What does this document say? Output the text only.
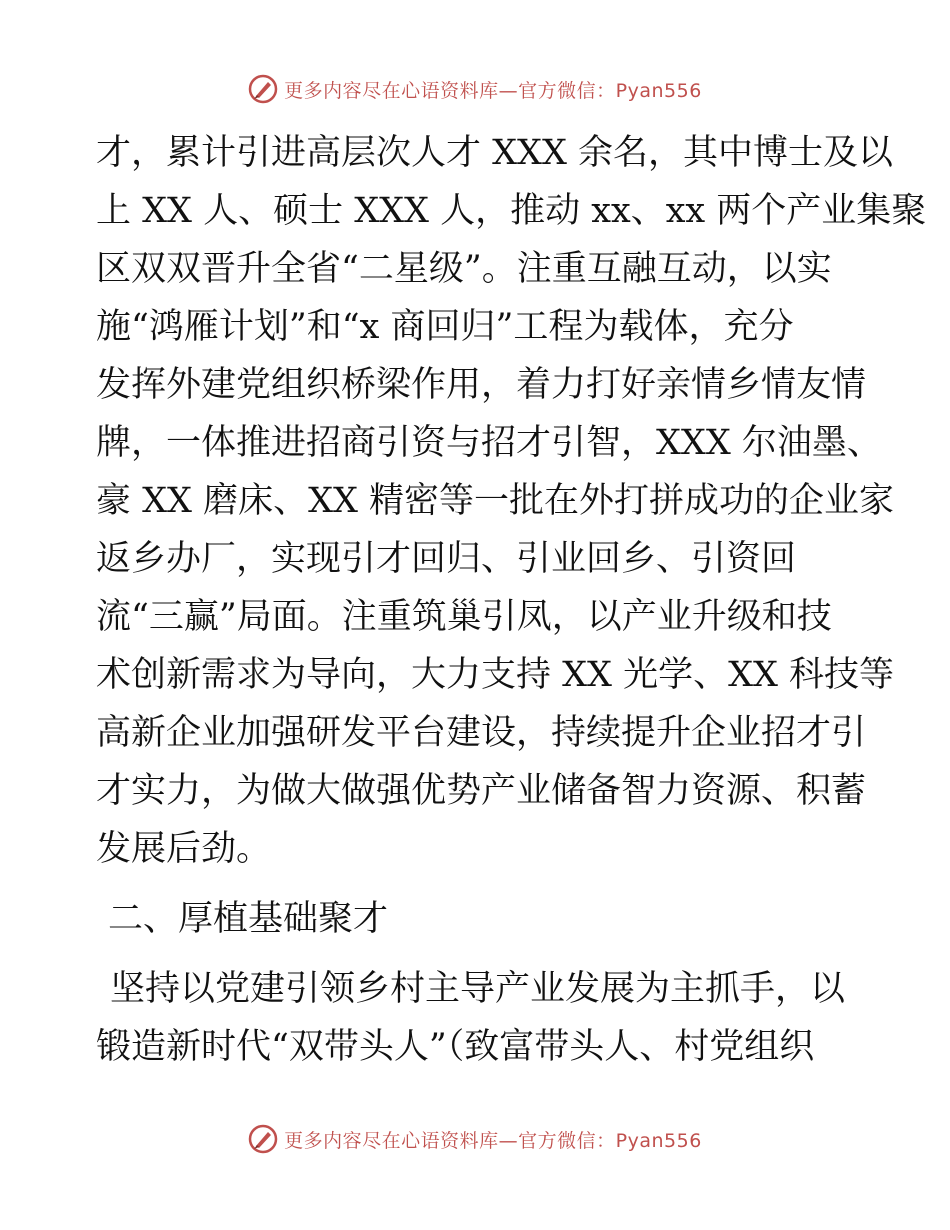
更多内容尽在心语资料库—官方微信：Pyan556
才，累计引进高层次人才 XXX 余名，其中博士及以
上 XX 人、硕士 XXX 人，推动 xx、xx 两个产业集聚
区双双晋升全省“二星级”。注重互融互动，以实
施“鸿雁计划”和“x 商回归”工程为载体，充分
发挥外建党组织桥梁作用，着力打好亲情乡情友情
牌，一体推进招商引资与招才引智，XXX 尔油墨、
豪 XX 磨床、XX 精密等一批在外打拼成功的企业家
返乡办厂，实现引才回归、引业回乡、引资回
流“三赢”局面。注重筑巢引凤，以产业升级和技
术创新需求为导向，大力支持 XX 光学、XX 科技等
高新企业加强研发平台建设，持续提升企业招才引
才实力，为做大做强优势产业储备智力资源、积蓄
发展后劲。
二、厚植基础聚才
坚持以党建引领乡村主导产业发展为主抓手，以
锻造新时代“双带头人”（致富带头人、村党组织
更多内容尽在心语资料库—官方微信：Pyan556
